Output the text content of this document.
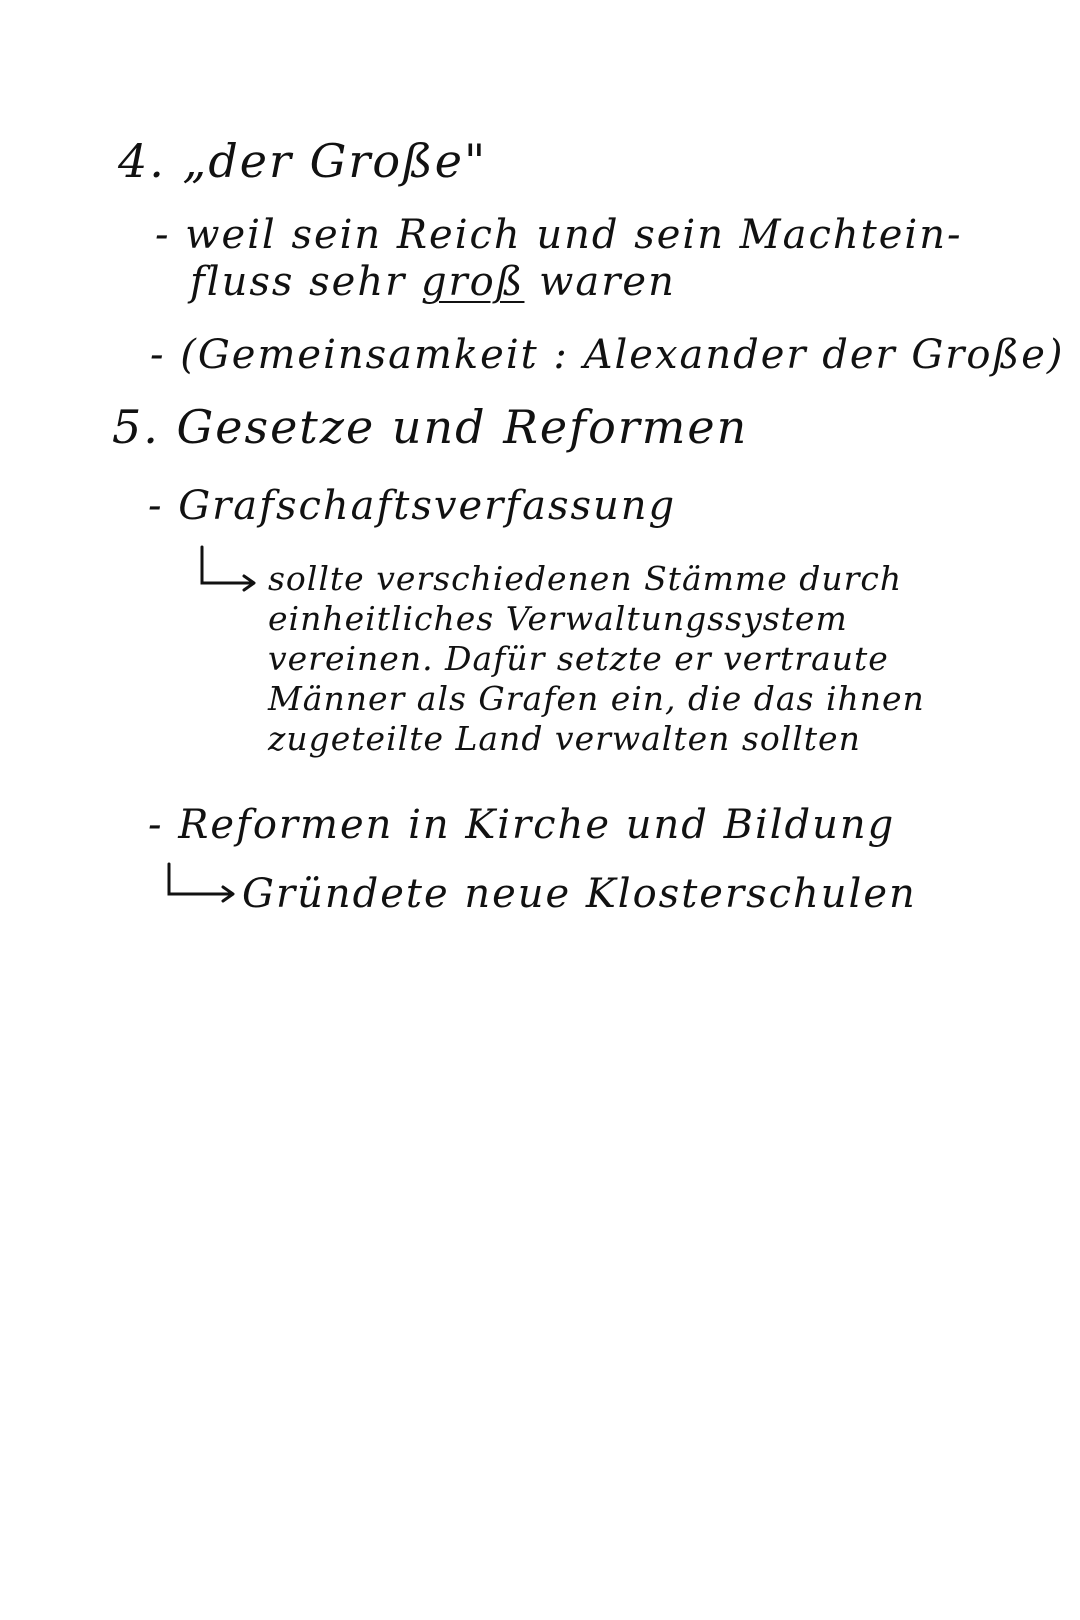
4. „der Große"
- weil sein Reich und sein Machtein-
fluss sehr groß waren
- (Gemeinsamkeit : Alexander der Große)
5. Gesetze und Reformen
- Grafschaftsverfassung
sollte verschiedenen Stämme durch
einheitliches Verwaltungssystem
vereinen. Dafür setzte er vertraute
Männer als Grafen ein, die das ihnen
zugeteilte Land verwalten sollten
- Reformen in Kirche und Bildung
Gründete neue Klosterschulen
